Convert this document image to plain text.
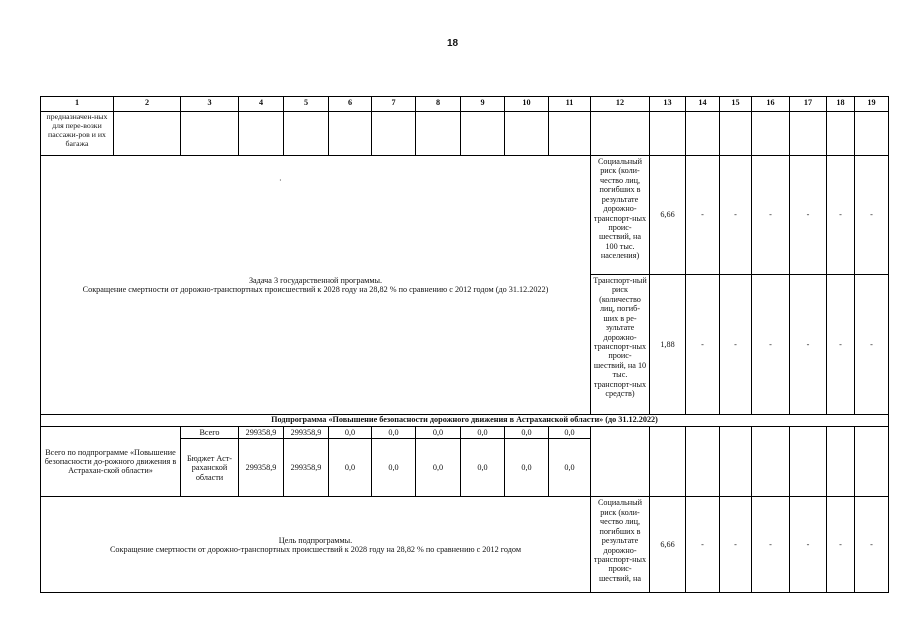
18
1	2	3	4	5	6	7	8	9	10	11	12	13	14	15	16	17	18	19
предназначен-ных для пере-возки пассажи-ров и их багажа																		

·
Задача 3 государственной программы.
Сокращение смертности от дорожно-транспортных происшествий к 2028 году на 28,82 % по сравнению с 2012 годом (до 31.12.2022)											Социальный риск (коли-чество лиц, погибших в результате дорожно-транспорт-ных проис-шествий, на 100 тыс. населения)	6,66	-	-	-	-	-	-
											Транспорт-ный риск (количество лиц, погиб-ших в ре-зультате дорожно-транспорт-ных проис-шествий, на 10 тыс. транспорт-ных средств)	1,88	-	-	-	-	-	-
Подпрограмма «Повышение безопасности дорожного движения в Астраханской области» (до 31.12.2022)																		
Всего по подпрограмме «Повышение безопасности до-рожного движения в Астрахан-ской области»		Всего	299358,9	299358,9	0,0	0,0	0,0	0,0	0,0	0,0								
		Бюджет Аст-раханской области	299358,9	299358,9	0,0	0,0	0,0	0,0	0,0	0,0								

Цель подпрограммы.
Сокращение смертности от дорожно-транспортных происшествий к 2028 году на 28,82 % по сравнению с 2012 годом											Социальный риск (коли-чество лиц, погибших в результате дорожно-транспорт-ных проис-шествий, на	6,66	-	-	-	-	-	-
